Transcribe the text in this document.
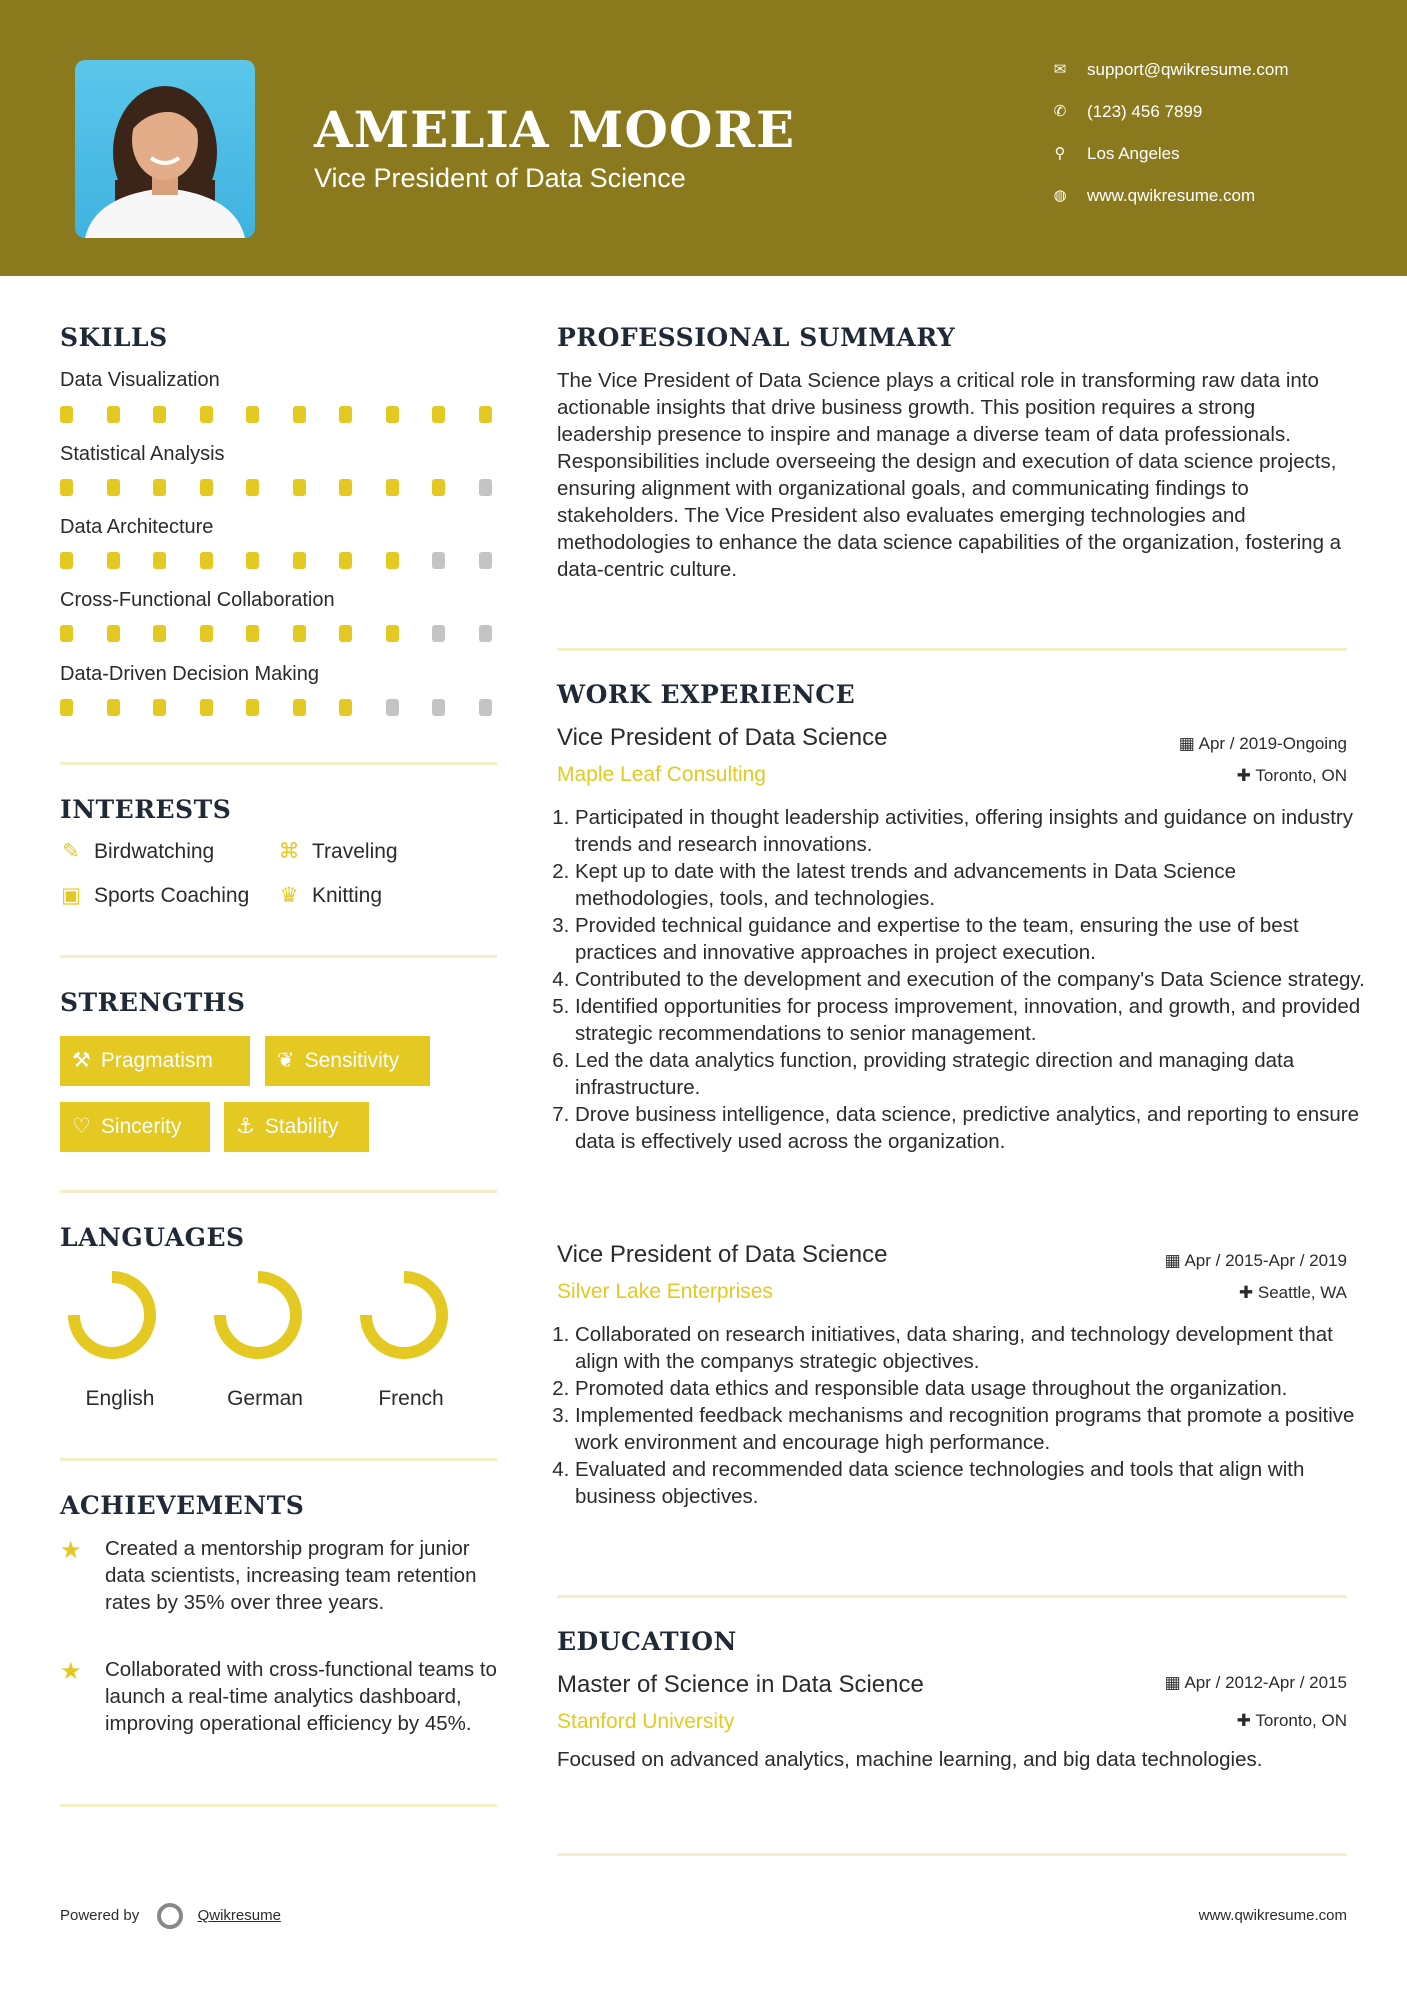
AMELIA MOORE
Vice President of Data Science
✉ support@qwikresume.com
✆ (123) 456 7899
⚲ Los Angeles
◍ www.qwikresume.com
SKILLS
Data Visualization
Statistical Analysis
Data Architecture
Cross-Functional Collaboration
Data-Driven Decision Making
INTERESTS
✎ Birdwatching	⌘ Traveling
▣ Sports Coaching ♛ Knitting
STRENGTHS
⚒ Pragmatism	❦ Sensitivity
♡ Sincerity	⚓ Stability
LANGUAGES
English	German	French
ACHIEVEMENTS
★ Created a mentorship program for junior data scientists, increasing team retention rates by 35% over three years.
★ Collaborated with cross-functional teams to launch a real-time analytics dashboard, improving operational efficiency by 45%.
PROFESSIONAL SUMMARY
The Vice President of Data Science plays a critical role in transforming raw data into actionable insights that drive business growth. This position requires a strong leadership presence to inspire and manage a diverse team of data professionals. Responsibilities include overseeing the design and execution of data science projects, ensuring alignment with organizational goals, and communicating findings to stakeholders. The Vice President also evaluates emerging technologies and methodologies to enhance the data science capabilities of the organization, fostering a data-centric culture.
WORK EXPERIENCE
Vice President of Data Science	▦ Apr / 2019-Ongoing
Maple Leaf Consulting	✚ Toronto, ON
1. Participated in thought leadership activities, offering insights and guidance on industry trends and research innovations.
2. Kept up to date with the latest trends and advancements in Data Science methodologies, tools, and technologies.
3. Provided technical guidance and expertise to the team, ensuring the use of best practices and innovative approaches in project execution.
4. Contributed to the development and execution of the company's Data Science strategy.
5. Identified opportunities for process improvement, innovation, and growth, and provided strategic recommendations to senior management.
6. Led the data analytics function, providing strategic direction and managing data infrastructure.
7. Drove business intelligence, data science, predictive analytics, and reporting to ensure data is effectively used across the organization.
Vice President of Data Science	▦ Apr / 2015-Apr / 2019
Silver Lake Enterprises	✚ Seattle, WA
1. Collaborated on research initiatives, data sharing, and technology development that align with the companys strategic objectives.
2. Promoted data ethics and responsible data usage throughout the organization.
3. Implemented feedback mechanisms and recognition programs that promote a positive work environment and encourage high performance.
4. Evaluated and recommended data science technologies and tools that align with business objectives.
EDUCATION
Master of Science in Data Science	▦ Apr / 2012-Apr / 2015
Stanford University	✚ Toronto, ON
Focused on advanced analytics, machine learning, and big data technologies.
Powered by	Qwikresume	www.qwikresume.com
